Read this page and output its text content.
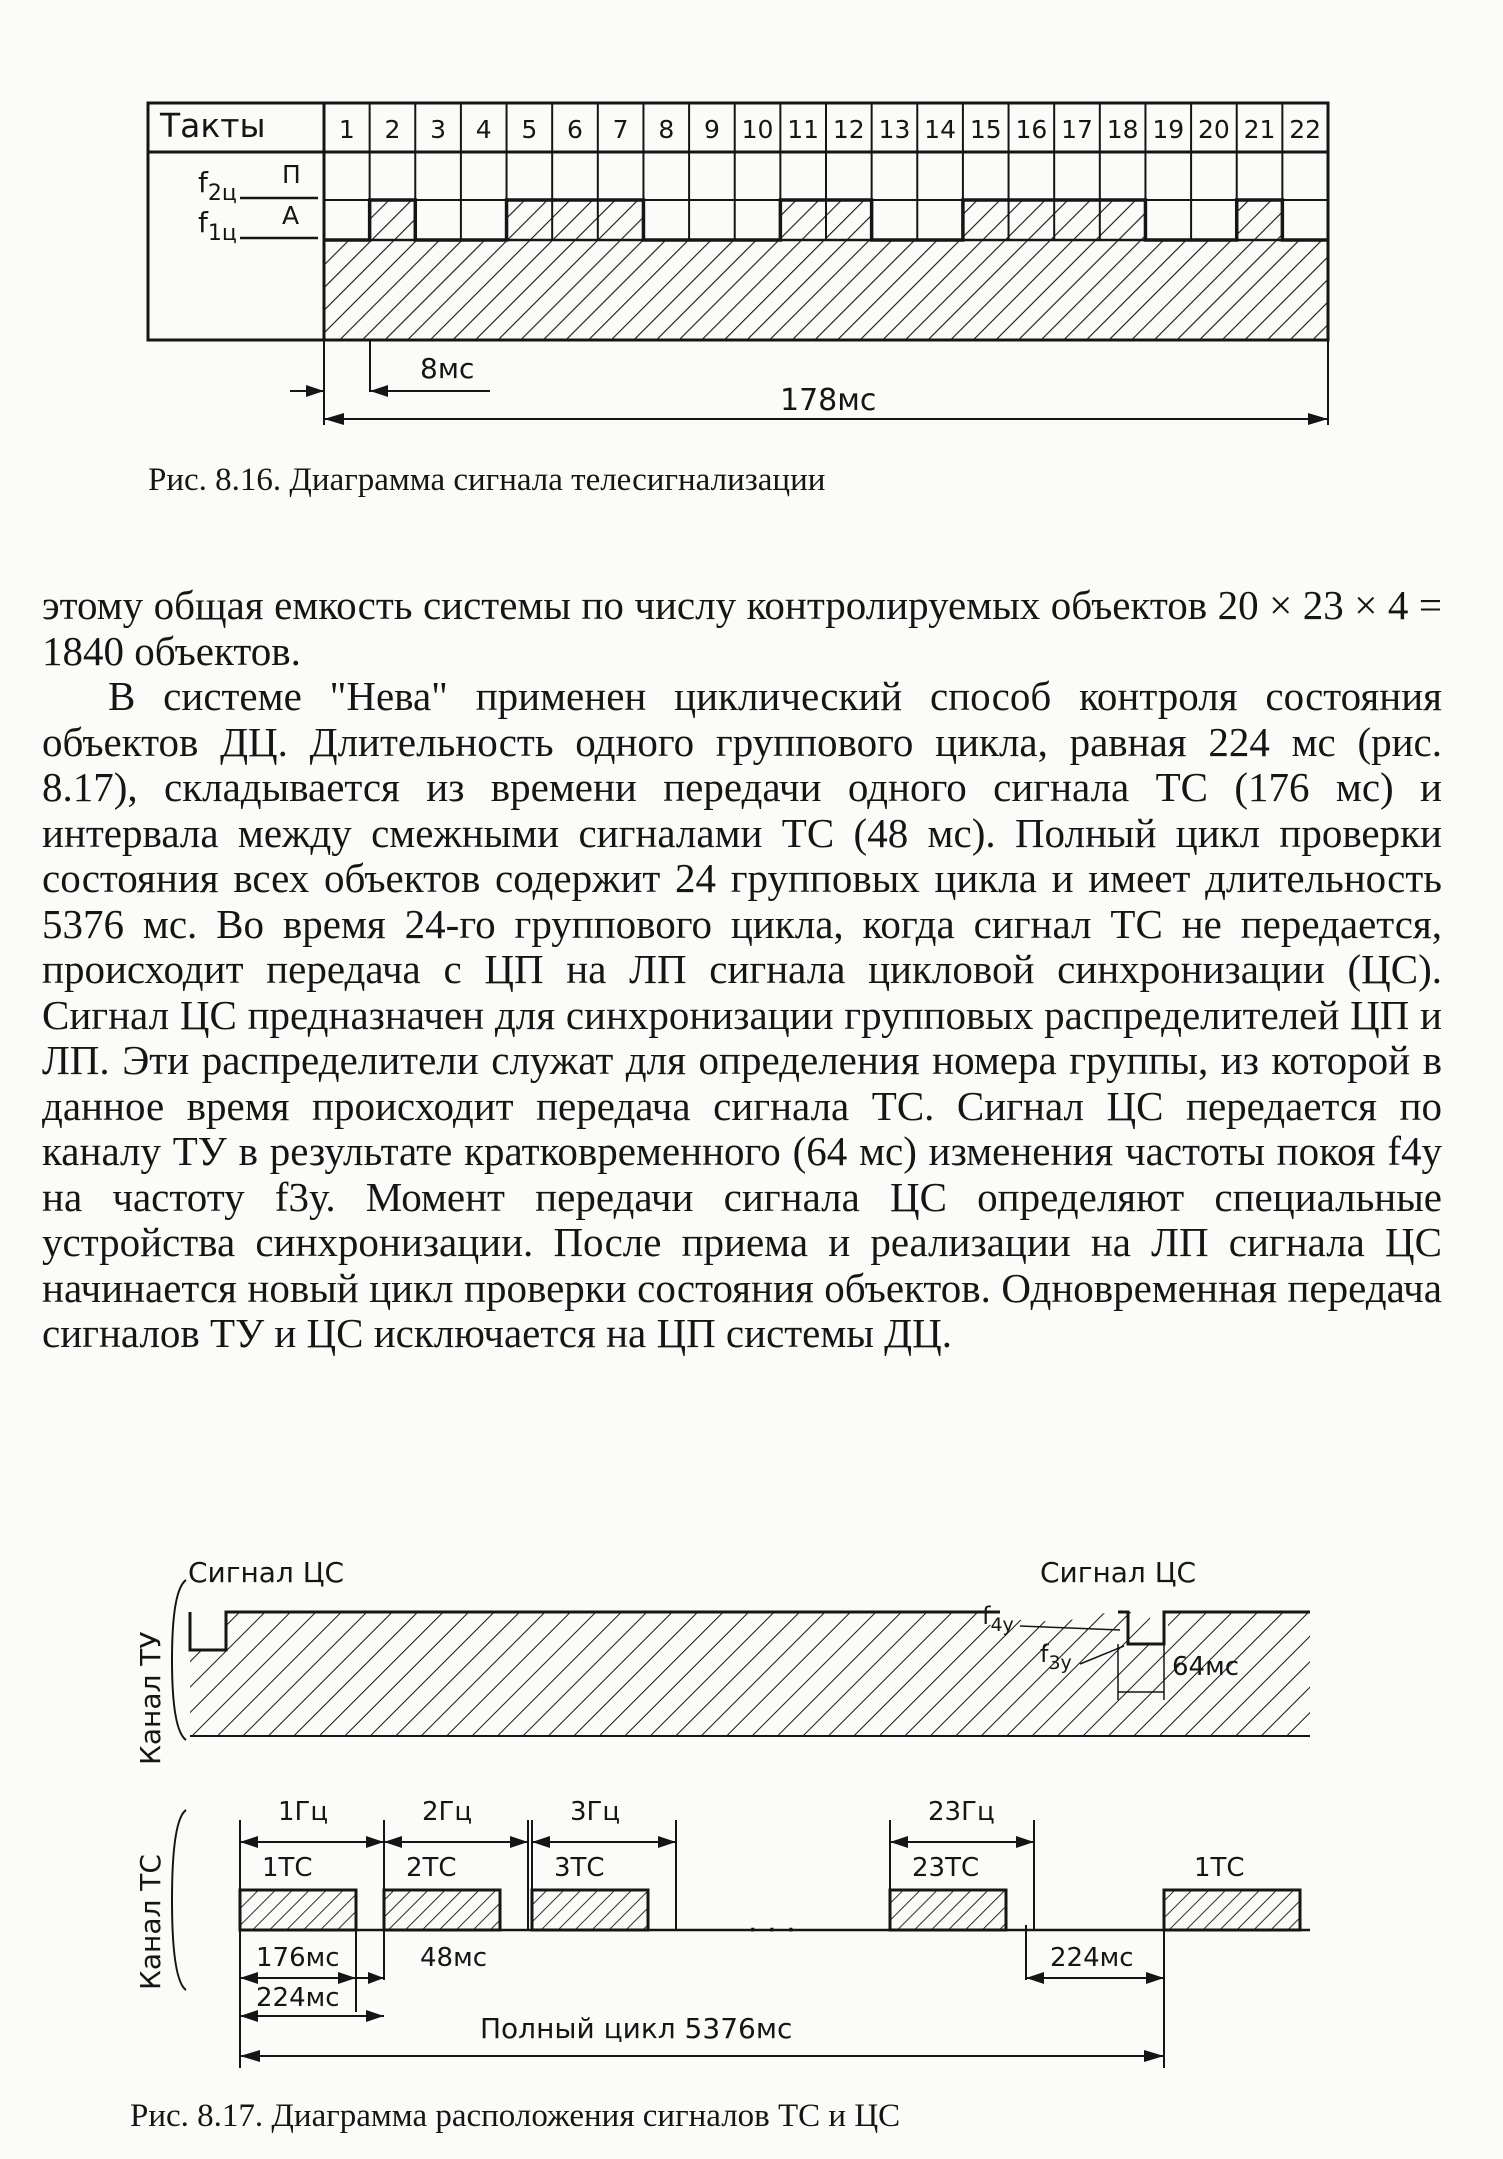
Такты
П
А
$f_{2ц}$
$f_{1ц}$
1 2 3 4 5 6 7 8 9 10 11 12 13 14 15 16 17 18 19 20 21 22
8мс
178мс
Рис. 8.16. Диаграмма сигнала телесигнализации

этому общая емкость системы по числу контролируемых объектов 20 × 23 × 4 = 1840 объектов.

В системе "Нева" применен циклический способ контроля состояния объектов ДЦ. Длительность одного группового цикла, равная 224 мс (рис. 8.17), складывается из времени передачи одного сигнала ТС (176 мс) и интервала между смежными сигналами ТС (48 мс). Полный цикл проверки состояния всех объектов содержит 24 групповых цикла и имеет длительность 5376 мс. Во время 24-го группового цикла, когда сигнал ТС не передается, происходит передача с ЦП на ЛП сигнала цикловой синхронизации (ЦС). Сигнал ЦС предназначен для синхронизации групповых распределителей ЦП и ЛП. Эти распределители служат для определения номера группы, из которой в данное время происходит передача сигнала ТС. Сигнал ЦС передается по каналу ТУ в результате кратковременного (64 мс) изменения частоты покоя f4у на частоту f3у. Момент передачи сигнала ЦС определяют специальные устройства синхронизации. После приема и реализации на ЛП сигнала ЦС начинается новый цикл проверки состояния объектов. Одновременная передача сигналов ТУ и ЦС исключается на ЦП системы ДЦ.

Канал ТУ
Сигнал ЦС	Сигнал ЦС
$f_{4у}$
$f_{3у}$	64мс
Канал ТС	1ТС
1Гц
2ТС
2Гц
3ТС
3Гц
23ТС
23Гц
1ТС
· · ·
176мс	48мс
224мс
224мс
Полный цикл 5376мс
Рис. 8.17. Диаграмма расположения сигналов ТС и ЦС
